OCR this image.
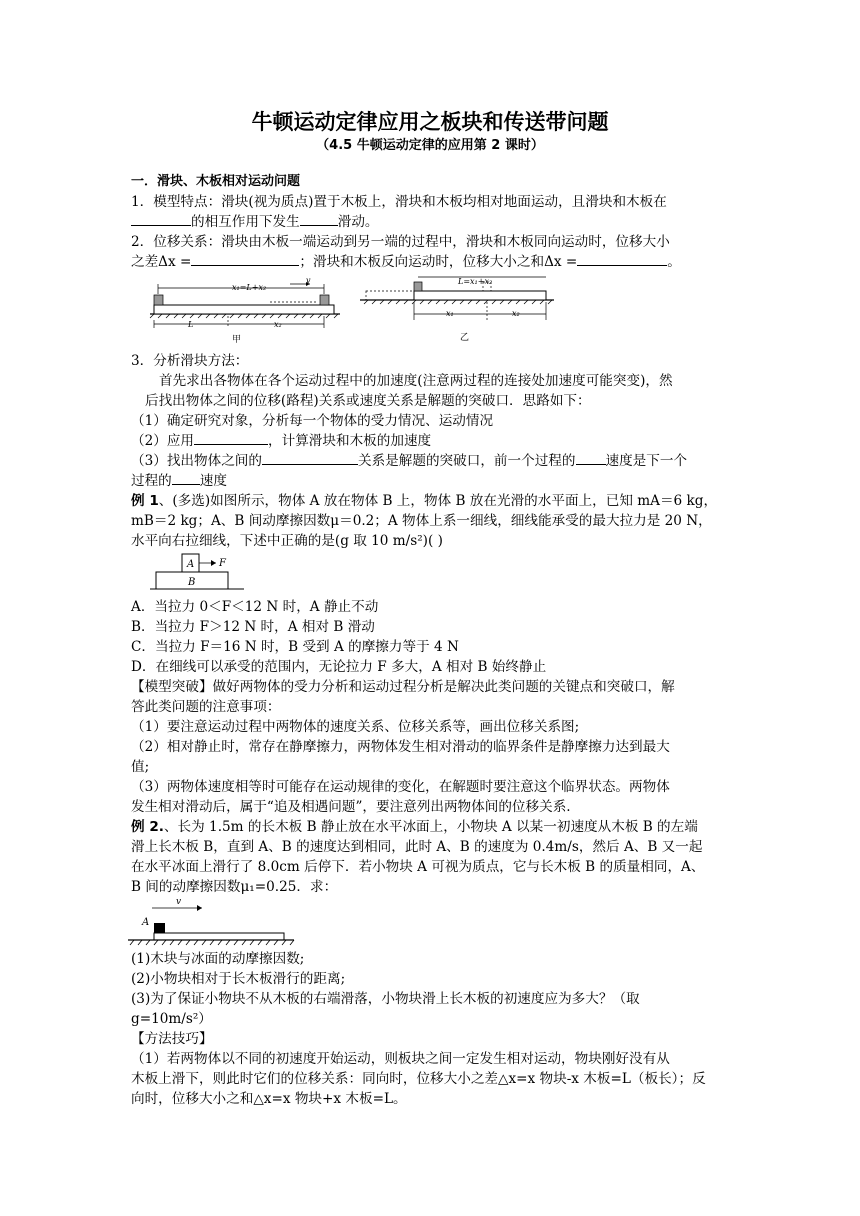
牛顿运动定律应用之板块和传送带问题
（4.5 牛顿运动定律的应用第 2 课时）
一．滑块、木板相对运动问题
1．模型特点：滑块(视为质点)置于木板上，滑块和木板均相对地面运动，且滑块和木板在
的相互作用下发生	滑动。
2．位移关系：滑块由木板一端运动到另一端的过程中，滑块和木板同向运动时，位移大小
之差Δx =	；滑块和木板反向运动时，位移大小之和Δx =	。
x₁=L+x₂
v
L	x₂
甲
L=x₁+x₂
x₁	x₂
乙
3．分析滑块方法：
首先求出各物体在各个运动过程中的加速度(注意两过程的连接处加速度可能突变)，然
后找出物体之间的位移(路程)关系或速度关系是解题的突破口．思路如下：
（1）确定研究对象，分析每一个物体的受力情况、运动情况
（2）应用	，计算滑块和木板的加速度
（3）找出物体之间的	关系是解题的突破口，前一个过程的 速度是下一个
过程的 速度
例 1、(多选)如图所示，物体 A 放在物体 B 上，物体 B 放在光滑的水平面上，已知 mA＝6 kg，
mB＝2 kg；A、B 间动摩擦因数μ＝0.2；A 物体上系一细线，细线能承受的最大拉力是 20 N，
水平向右拉细线，下述中正确的是(g 取 10 m/s²)( )
A
B
F
A．当拉力 0＜F＜12 N 时，A 静止不动
B．当拉力 F＞12 N 时，A 相对 B 滑动
C．当拉力 F＝16 N 时，B 受到 A 的摩擦力等于 4 N
D．在细线可以承受的范围内，无论拉力 F 多大，A 相对 B 始终静止
【模型突破】做好两物体的受力分析和运动过程分析是解决此类问题的关键点和突破口，解
答此类问题的注意事项：
（1）要注意运动过程中两物体的速度关系、位移关系等，画出位移关系图;
（2）相对静止时，常存在静摩擦力，两物体发生相对滑动的临界条件是静摩擦力达到最大
值;
（3）两物体速度相等时可能存在运动规律的变化，在解题时要注意这个临界状态。两物体
发生相对滑动后，属于“追及相遇问题”，要注意列出两物体间的位移关系.
例 2.、长为 1.5m 的长木板 B 静止放在水平冰面上，小物块 A 以某一初速度从木板 B 的左端
滑上长木板 B，直到 A、B 的速度达到相同，此时 A、B 的速度为 0.4m/s，然后 A、B 又一起
在水平冰面上滑行了 8.0cm 后停下．若小物块 A 可视为质点，它与长木板 B 的质量相同，A、
B 间的动摩擦因数μ₁=0.25．求：
v
A
(1)木块与冰面的动摩擦因数;
(2)小物块相对于长木板滑行的距离;
(3)为了保证小物块不从木板的右端滑落，小物块滑上长木板的初速度应为多大？（取
g=10m/s²）
【方法技巧】
（1）若两物体以不同的初速度开始运动，则板块之间一定发生相对运动，物块刚好没有从
木板上滑下，则此时它们的位移关系：同向时，位移大小之差△x=x 物块-x 木板=L（板长）；反
向时，位移大小之和△x=x 物块+x 木板=L。
